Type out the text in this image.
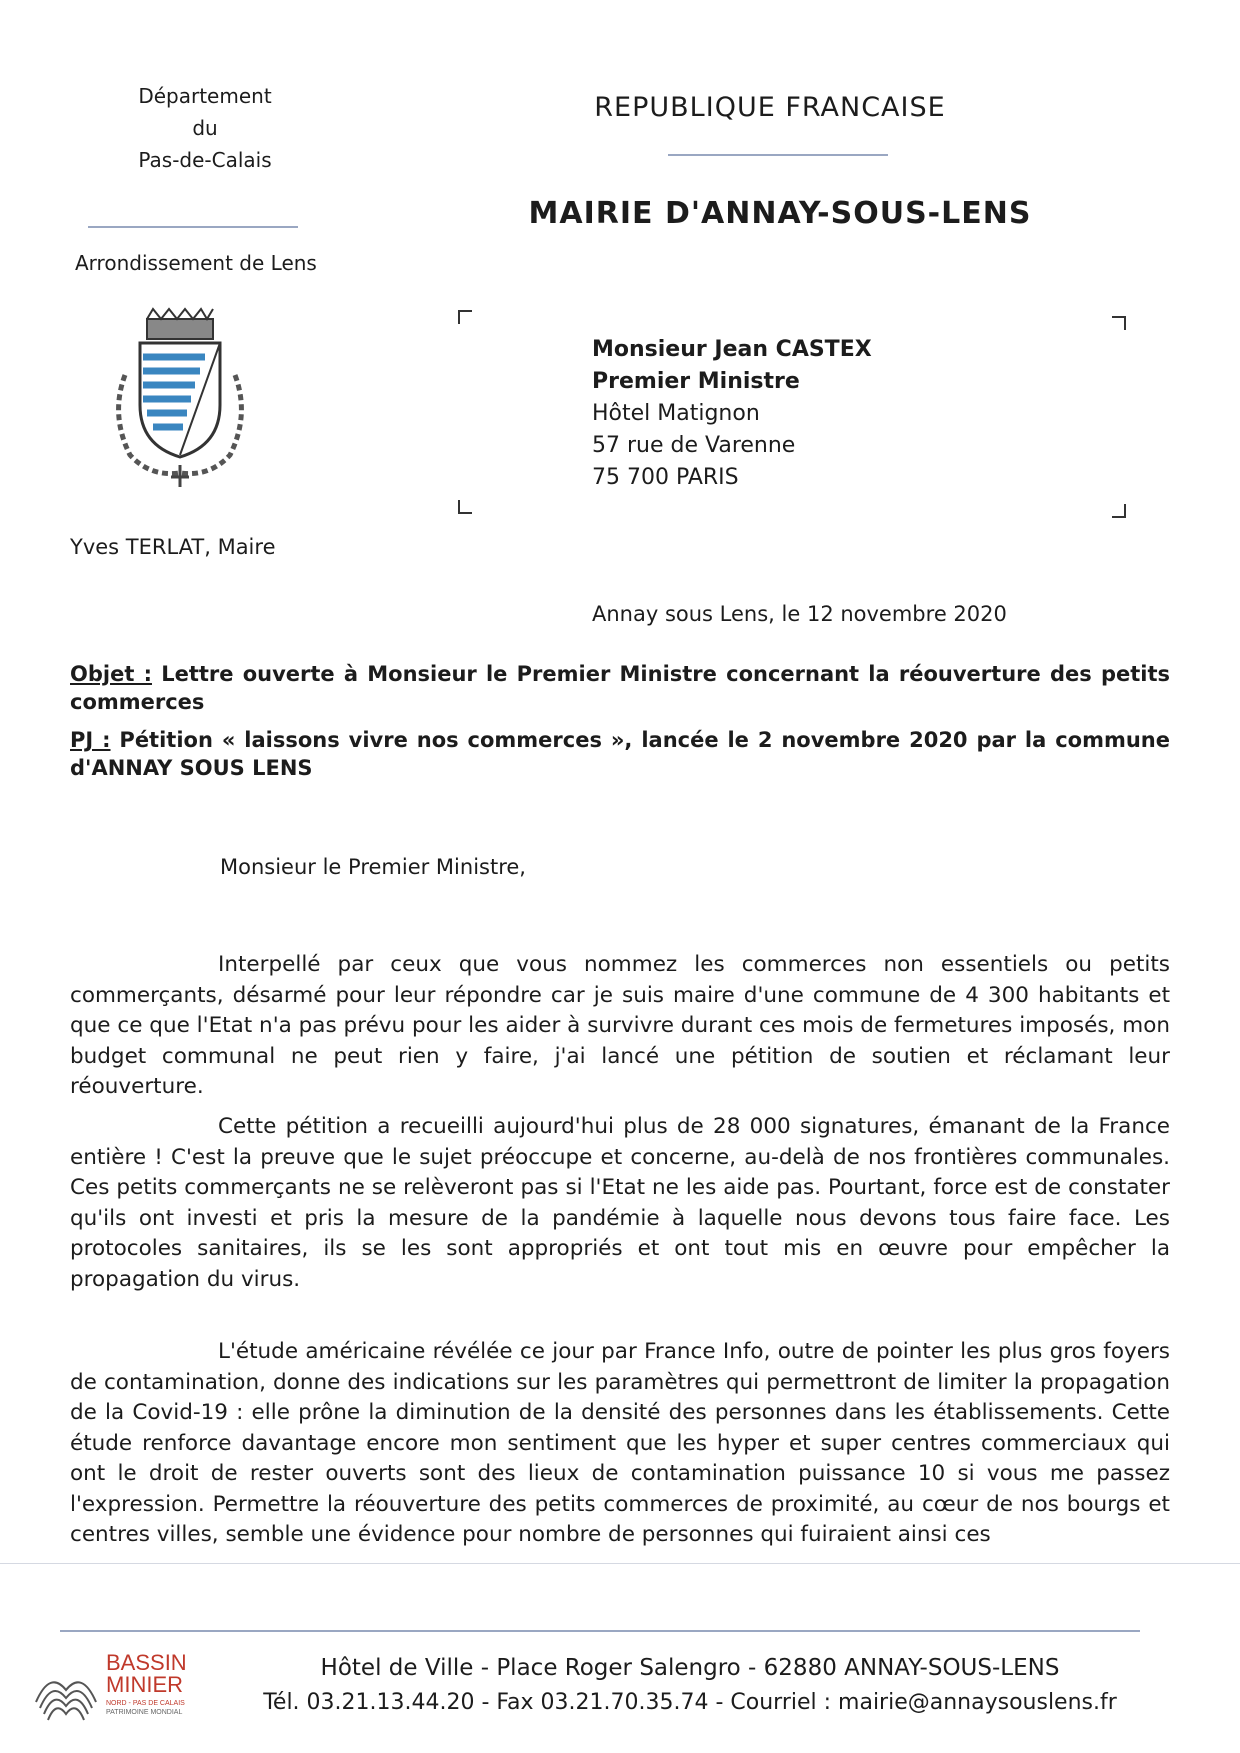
Département
du
Pas-de-Calais
Arrondissement de Lens
Yves TERLAT, Maire
REPUBLIQUE FRANCAISE
MAIRIE D'ANNAY-SOUS-LENS
Monsieur Jean CASTEX
Premier Ministre
Hôtel Matignon
57 rue de Varenne
75 700 PARIS
Annay sous Lens, le 12 novembre 2020
Objet : Lettre ouverte à Monsieur le Premier Ministre concernant la réouverture des petits commerces
PJ : Pétition « laissons vivre nos commerces », lancée le 2 novembre 2020 par la commune d'ANNAY SOUS LENS
Monsieur le Premier Ministre,
Interpellé par ceux que vous nommez les commerces non essentiels ou petits commerçants, désarmé pour leur répondre car je suis maire d'une commune de 4 300 habitants et que ce que l'Etat n'a pas prévu pour les aider à survivre durant ces mois de fermetures imposés, mon budget communal ne peut rien y faire, j'ai lancé une pétition de soutien et réclamant leur réouverture.
Cette pétition a recueilli aujourd'hui plus de 28 000 signatures, émanant de la France entière ! C'est la preuve que le sujet préoccupe et concerne, au-delà de nos frontières communales. Ces petits commerçants ne se relèveront pas si l'Etat ne les aide pas. Pourtant, force est de constater qu'ils ont investi et pris la mesure de la pandémie à laquelle nous devons tous faire face. Les protocoles sanitaires, ils se les sont appropriés et ont tout mis en œuvre pour empêcher la propagation du virus.
L'étude américaine révélée ce jour par France Info, outre de pointer les plus gros foyers de contamination, donne des indications sur les paramètres qui permettront de limiter la propagation de la Covid-19 : elle prône la diminution de la densité des personnes dans les établissements. Cette étude renforce davantage encore mon sentiment que les hyper et super centres commerciaux qui ont le droit de rester ouverts sont des lieux de contamination puissance 10 si vous me passez l'expression. Permettre la réouverture des petits commerces de proximité, au cœur de nos bourgs et centres villes, semble une évidence pour nombre de personnes qui fuiraient ainsi ces
BASSIN
MINIER
NORD - PAS DE CALAIS
PATRIMOINE MONDIAL
Hôtel de Ville - Place Roger Salengro - 62880 ANNAY-SOUS-LENS
Tél. 03.21.13.44.20 - Fax 03.21.70.35.74 - Courriel : mairie@annaysouslens.fr
